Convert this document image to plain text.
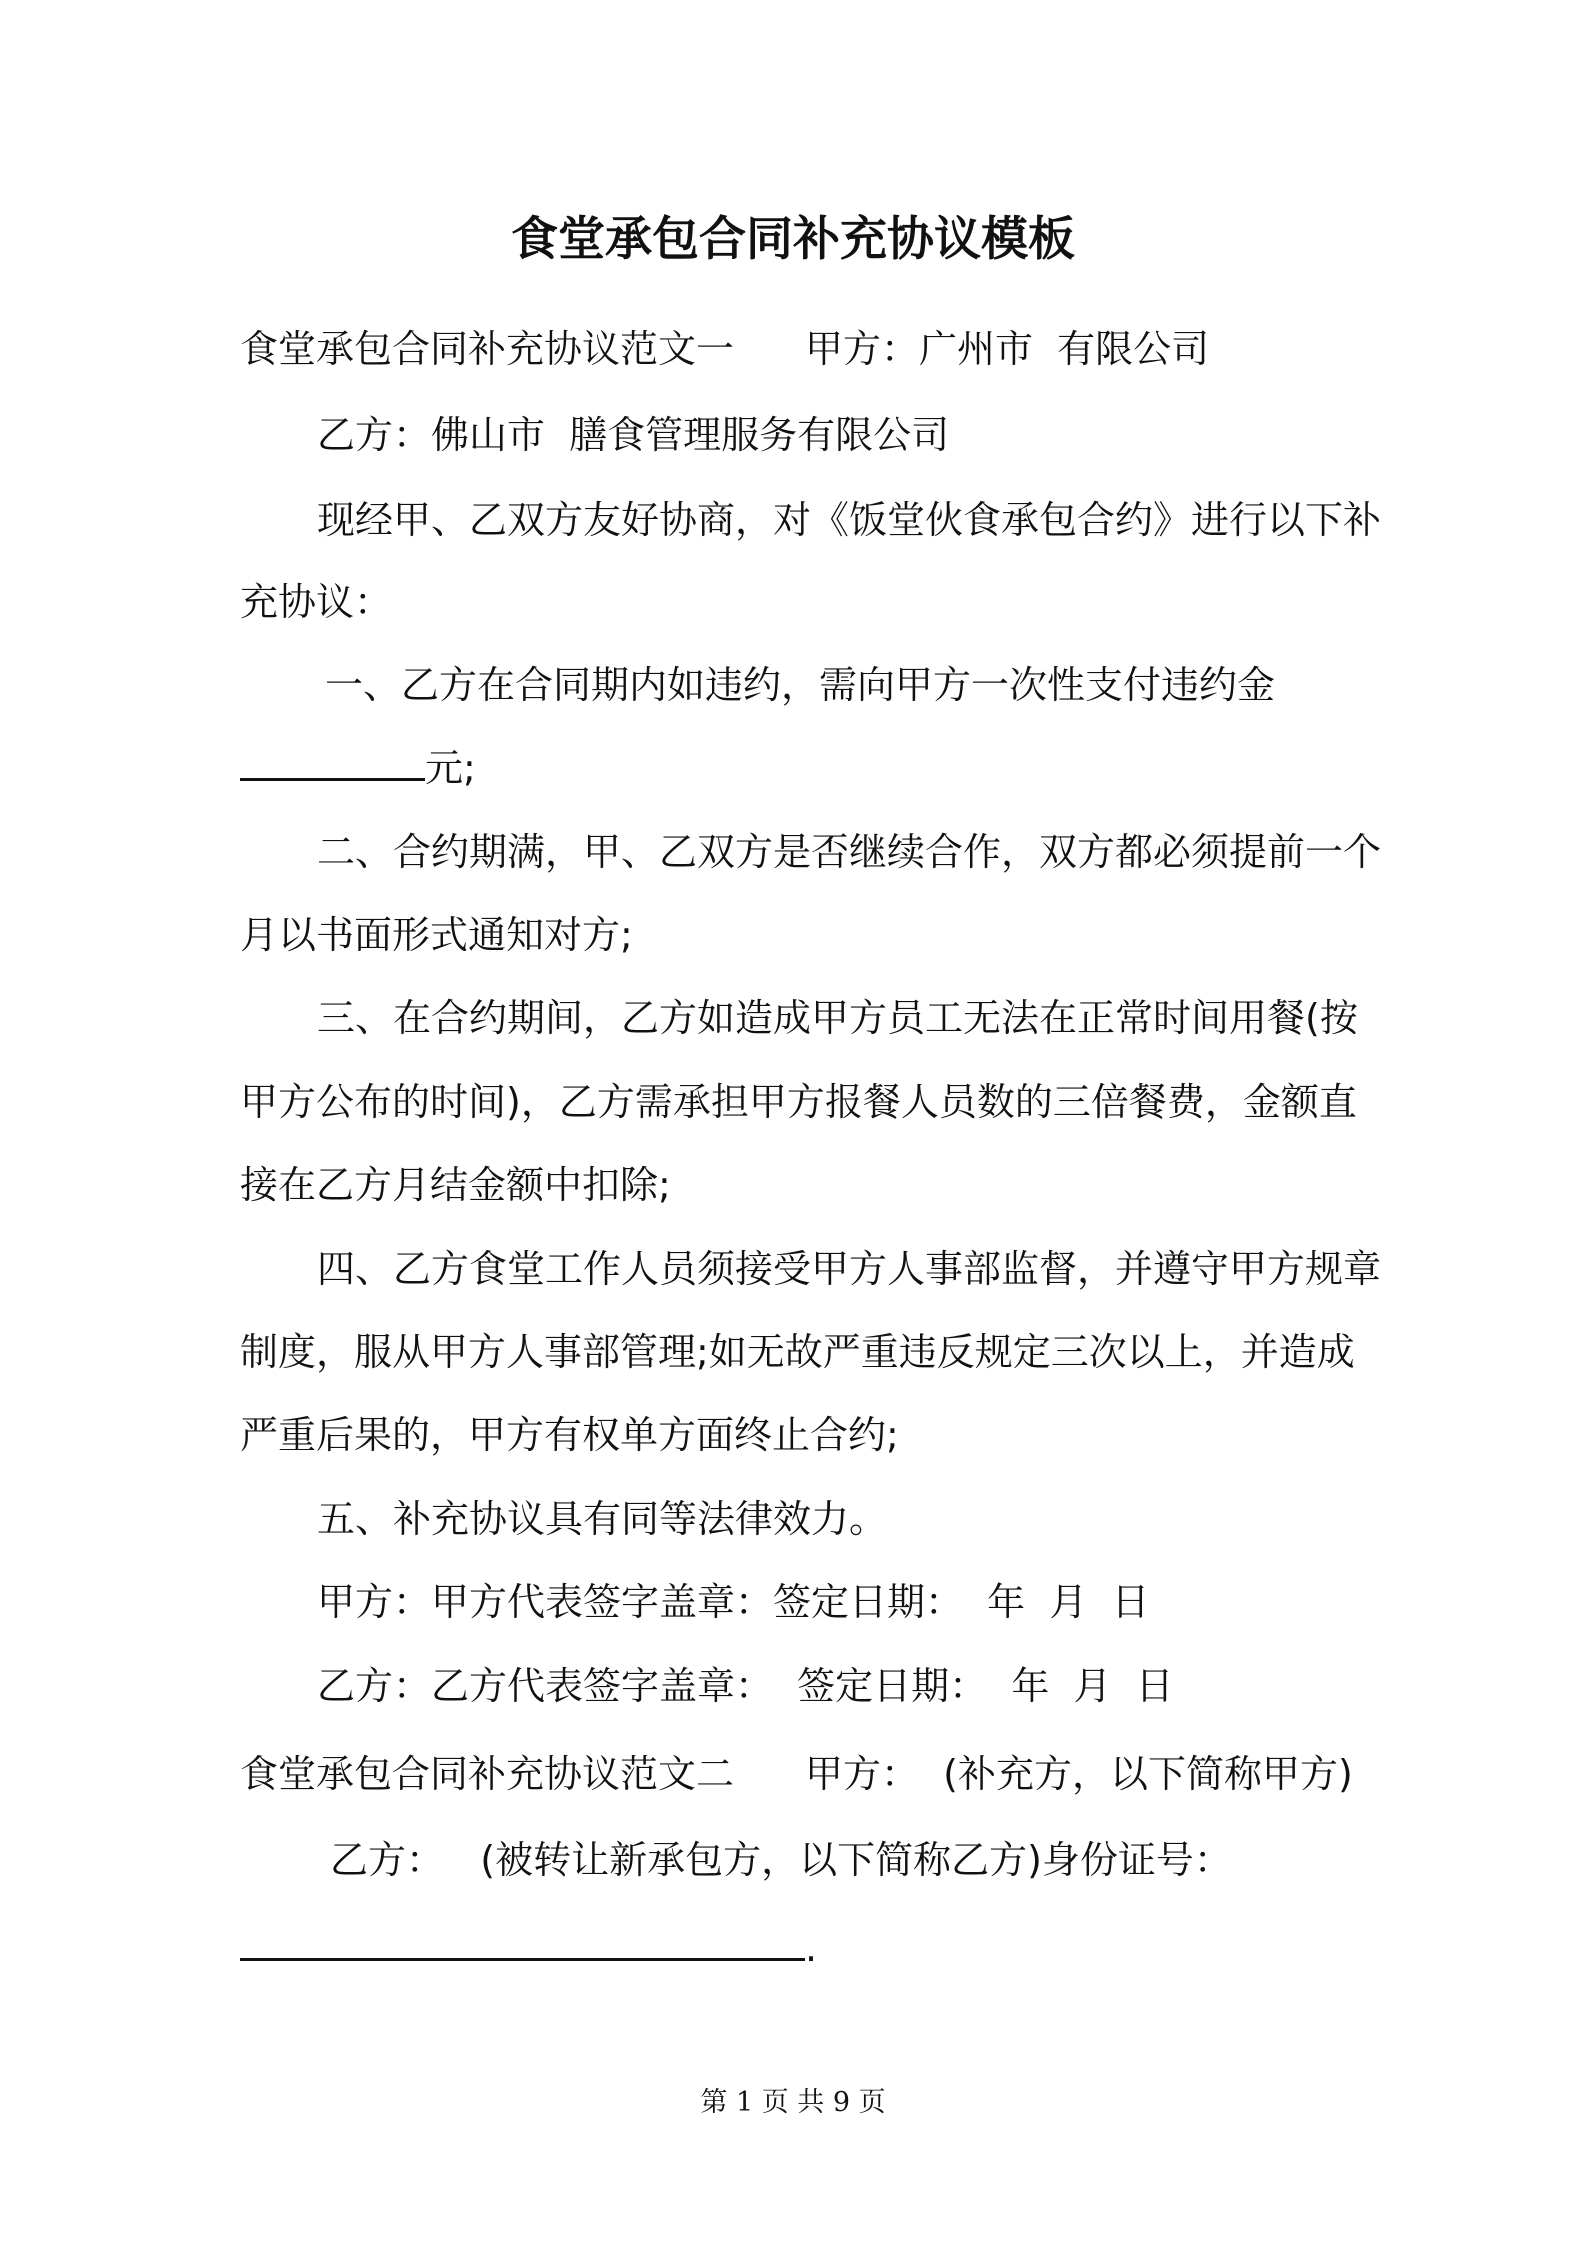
食堂承包合同补充协议模板
食堂承包合同补充协议范文一 甲方：广州市  有限公司
乙方：佛山市  膳食管理服务有限公司
现经甲、乙双方友好协商，对《饭堂伙食承包合约》进行以下补
充协议：
一、乙方在合同期内如违约，需向甲方一次性支付违约金
元;
二、合约期满，甲、乙双方是否继续合作，双方都必须提前一个
月以书面形式通知对方;
三、在合约期间，乙方如造成甲方员工无法在正常时间用餐(按
甲方公布的时间)，乙方需承担甲方报餐人员数的三倍餐费，金额直
接在乙方月结金额中扣除;
四、乙方食堂工作人员须接受甲方人事部监督，并遵守甲方规章
制度，服从甲方人事部管理;如无故严重违反规定三次以上，并造成
严重后果的，甲方有权单方面终止合约;
五、补充协议具有同等法律效力。
甲方：甲方代表签字盖章：签定日期：  年  月  日
乙方：乙方代表签字盖章：  签定日期：  年  月  日
食堂承包合同补充协议范文二 甲方：  (补充方，以下简称甲方)
乙方：   (被转让新承包方，以下简称乙方)身份证号：
.
第 1 页 共 9 页
